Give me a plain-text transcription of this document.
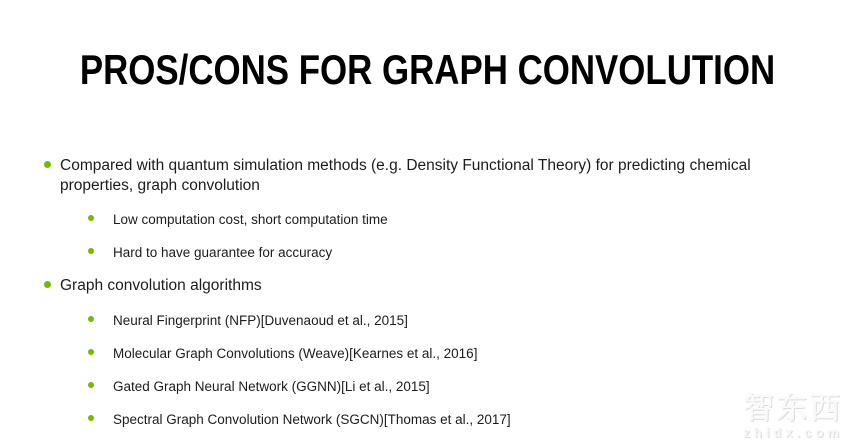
PROS/CONS FOR GRAPH CONVOLUTION
Compared with quantum simulation methods (e.g. Density Functional Theory) for predicting chemical properties, graph convolution
Low computation cost, short computation time
Hard to have guarantee for accuracy
Graph convolution algorithms
Neural Fingerprint (NFP)[Duvenaoud et al., 2015]
Molecular Graph Convolutions (Weave)[Kearnes et al., 2016]
Gated Graph Neural Network (GGNN)[Li et al., 2015]
Spectral Graph Convolution Network (SGCN)[Thomas et al., 2017]	智东西
zhidx.com
